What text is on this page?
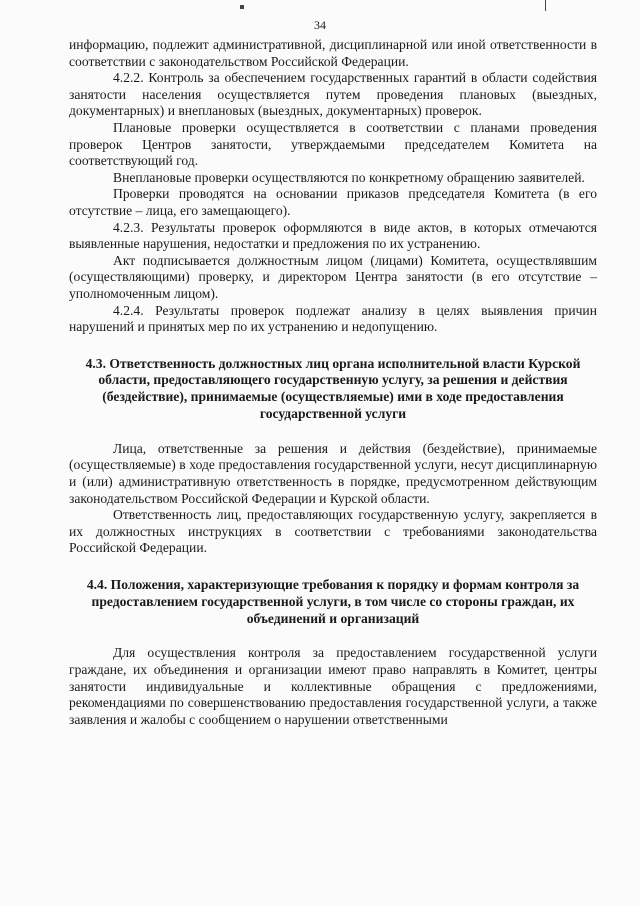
34

информацию, подлежит административной, дисциплинарной или иной ответственности в соответствии с законодательством Российской Федерации.

4.2.2. Контроль за обеспечением государственных гарантий в области содействия занятости населения осуществляется путем проведения плановых (выездных, документарных) и внеплановых (выездных, документарных) проверок.

Плановые проверки осуществляется в соответствии с планами проведения проверок Центров занятости, утверждаемыми председателем Комитета на соответствующий год.

Внеплановые проверки осуществляются по конкретному обращению заявителей.

Проверки проводятся на основании приказов председателя Комитета (в его отсутствие – лица, его замещающего).

4.2.3. Результаты проверок оформляются в виде актов, в которых отмечаются выявленные нарушения, недостатки и предложения по их устранению.

Акт подписывается должностным лицом (лицами) Комитета, осуществлявшим (осуществляющими) проверку, и директором Центра занятости (в его отсутствие – уполномоченным лицом).

4.2.4. Результаты проверок подлежат анализу в целях выявления причин нарушений и принятых мер по их устранению и недопущению.

4.3. Ответственность должностных лиц органа исполнительной власти Курской области, предоставляющего государственную услугу, за решения и действия (бездействие), принимаемые (осуществляемые) ими в ходе предоставления государственной услуги

Лица, ответственные за решения и действия (бездействие), принимаемые (осуществляемые) в ходе предоставления государственной услуги, несут дисциплинарную и (или) административную ответственность в порядке, предусмотренном действующим законодательством Российской Федерации и Курской области.

Ответственность лиц, предоставляющих государственную услугу, закрепляется в их должностных инструкциях в соответствии с требованиями законодательства Российской Федерации.

4.4. Положения, характеризующие требования к порядку и формам контроля за предоставлением государственной услуги, в том числе со стороны граждан, их объединений и организаций

Для осуществления контроля за предоставлением государственной услуги граждане, их объединения и организации имеют право направлять в Комитет, центры занятости индивидуальные и коллективные обращения с предложениями, рекомендациями по совершенствованию предоставления государственной услуги, а также заявления и жалобы с сообщением о нарушении ответственными
